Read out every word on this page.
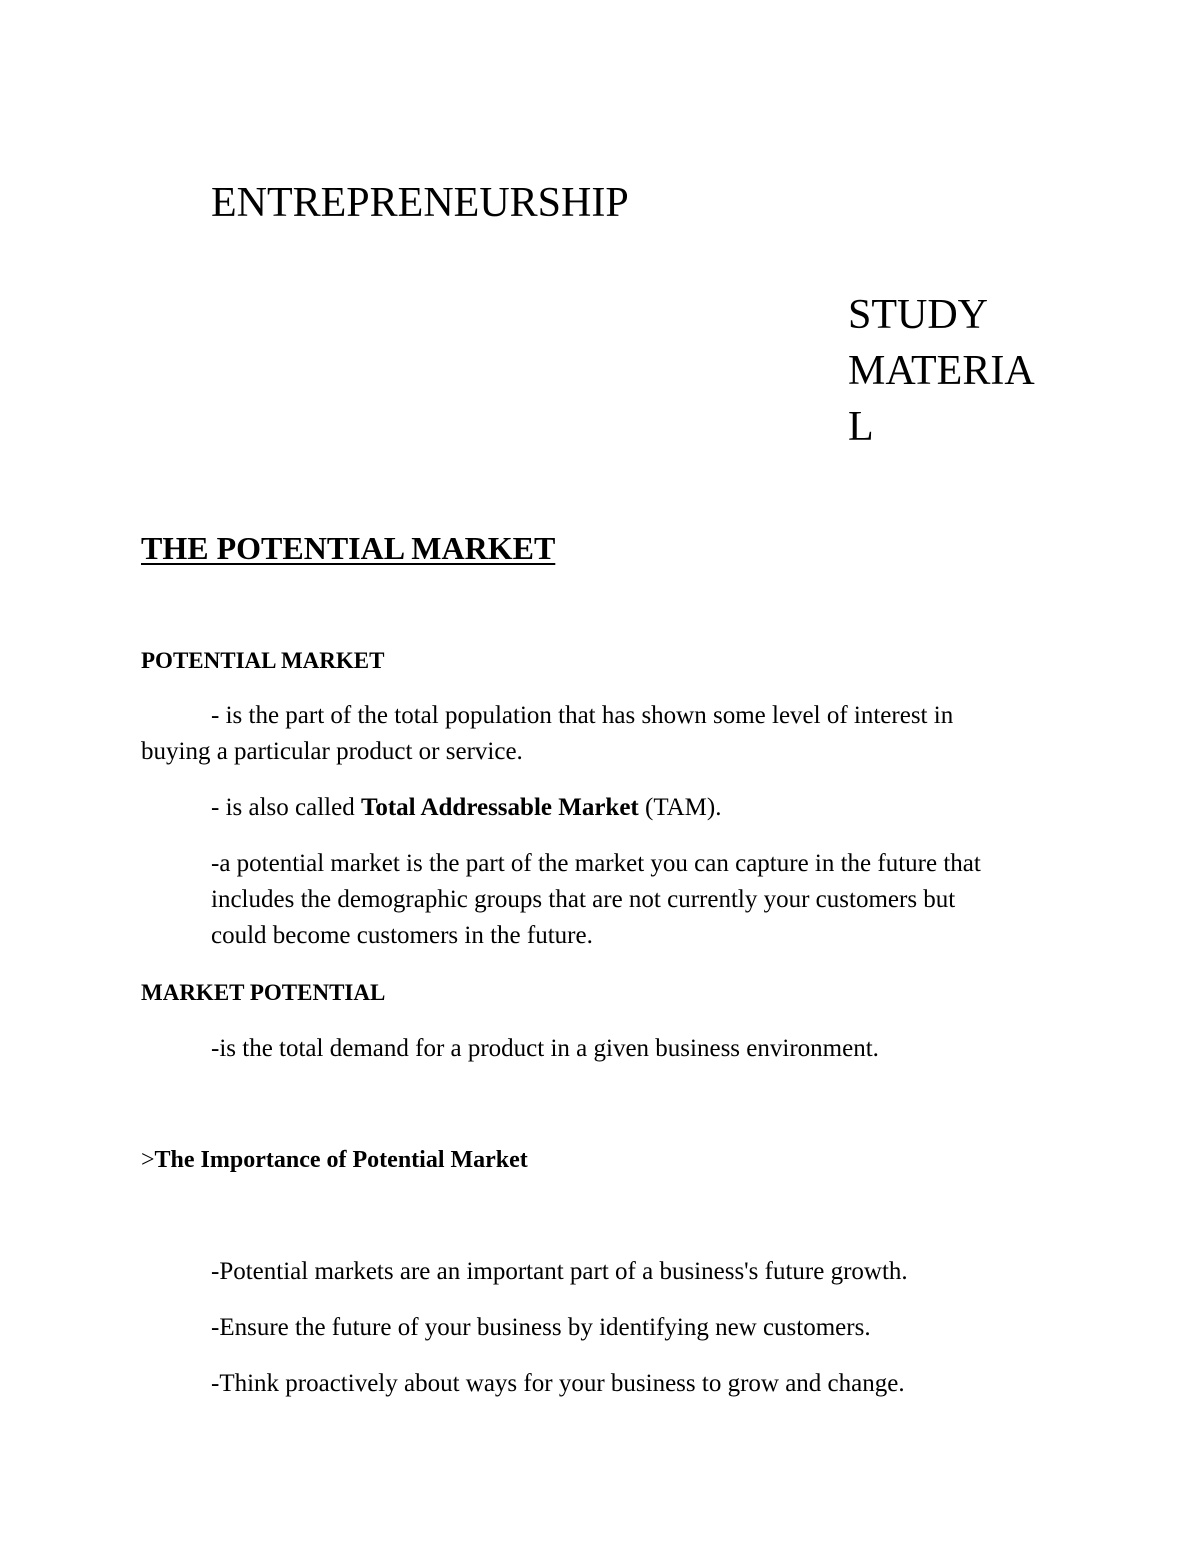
ENTREPRENEURSHIP
STUDY
MATERIA
L
THE POTENTIAL MARKET
POTENTIAL MARKET
- is the part of the total population that has shown some level of interest in
buying a particular product or service.
- is also called Total Addressable Market (TAM).
-a potential market is the part of the market you can capture in the future that
includes the demographic groups that are not currently your customers but
could become customers in the future.
MARKET POTENTIAL
-is the total demand for a product in a given business environment.
>The Importance of Potential Market
-Potential markets are an important part of a business's future growth.
-Ensure the future of your business by identifying new customers.
-Think proactively about ways for your business to grow and change.
